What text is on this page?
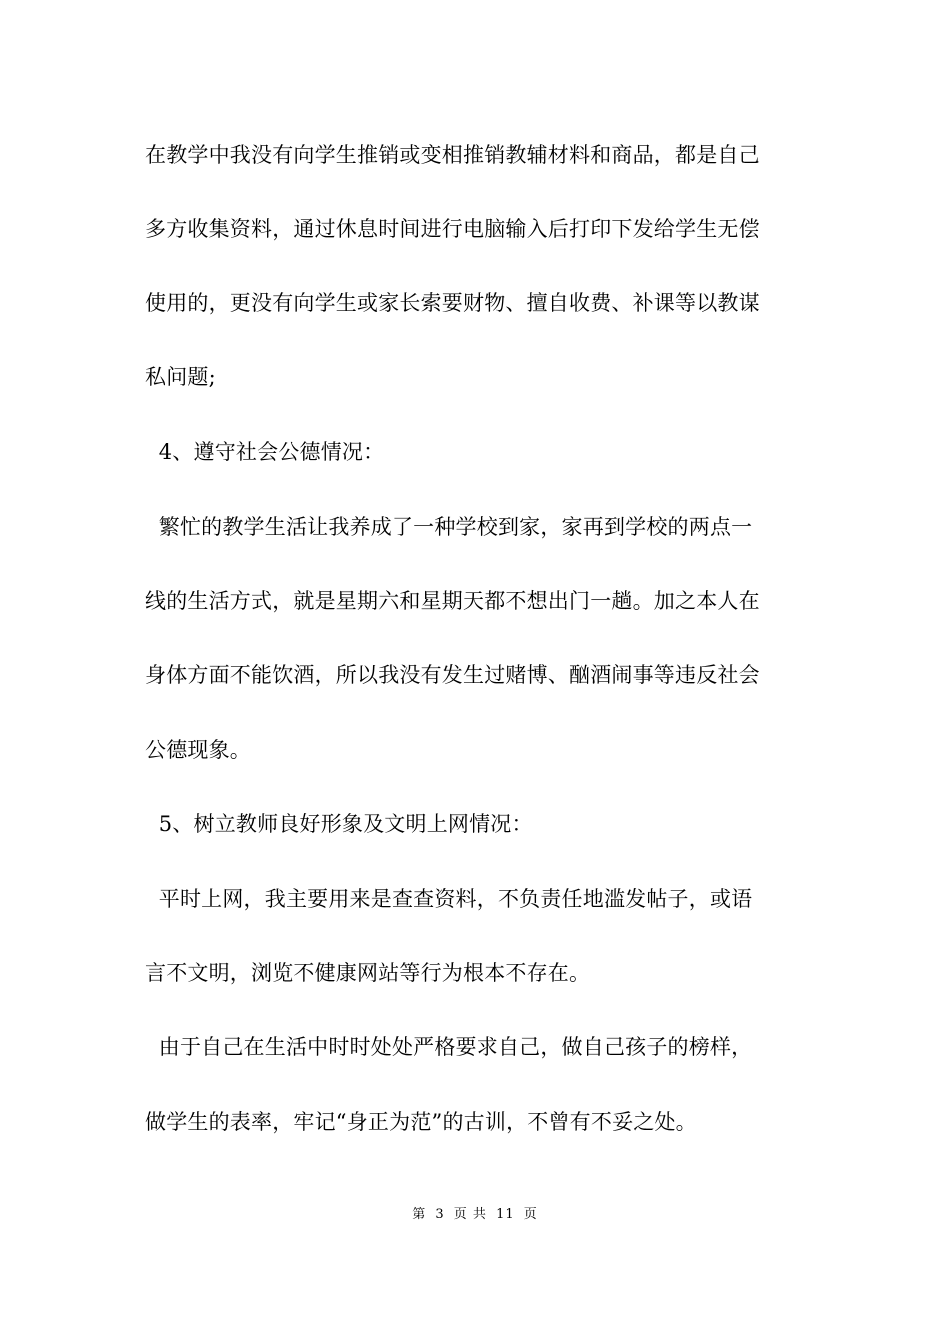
在教学中我没有向学生推销或变相推销教辅材料和商品，都是自己
多方收集资料，通过休息时间进行电脑输入后打印下发给学生无偿
使用的，更没有向学生或家长索要财物、擅自收费、补课等以教谋
私问题;
4、遵守社会公德情况：
繁忙的教学生活让我养成了一种学校到家，家再到学校的两点一
线的生活方式，就是星期六和星期天都不想出门一趟。加之本人在
身体方面不能饮酒，所以我没有发生过赌博、酗酒闹事等违反社会
公德现象。
5、树立教师良好形象及文明上网情况：
平时上网，我主要用来是查查资料，不负责任地滥发帖子，或语
言不文明，浏览不健康网站等行为根本不存在。
由于自己在生活中时时处处严格要求自己，做自己孩子的榜样，
做学生的表率，牢记“身正为范”的古训，不曾有不妥之处。
第 3 页 共 11 页
